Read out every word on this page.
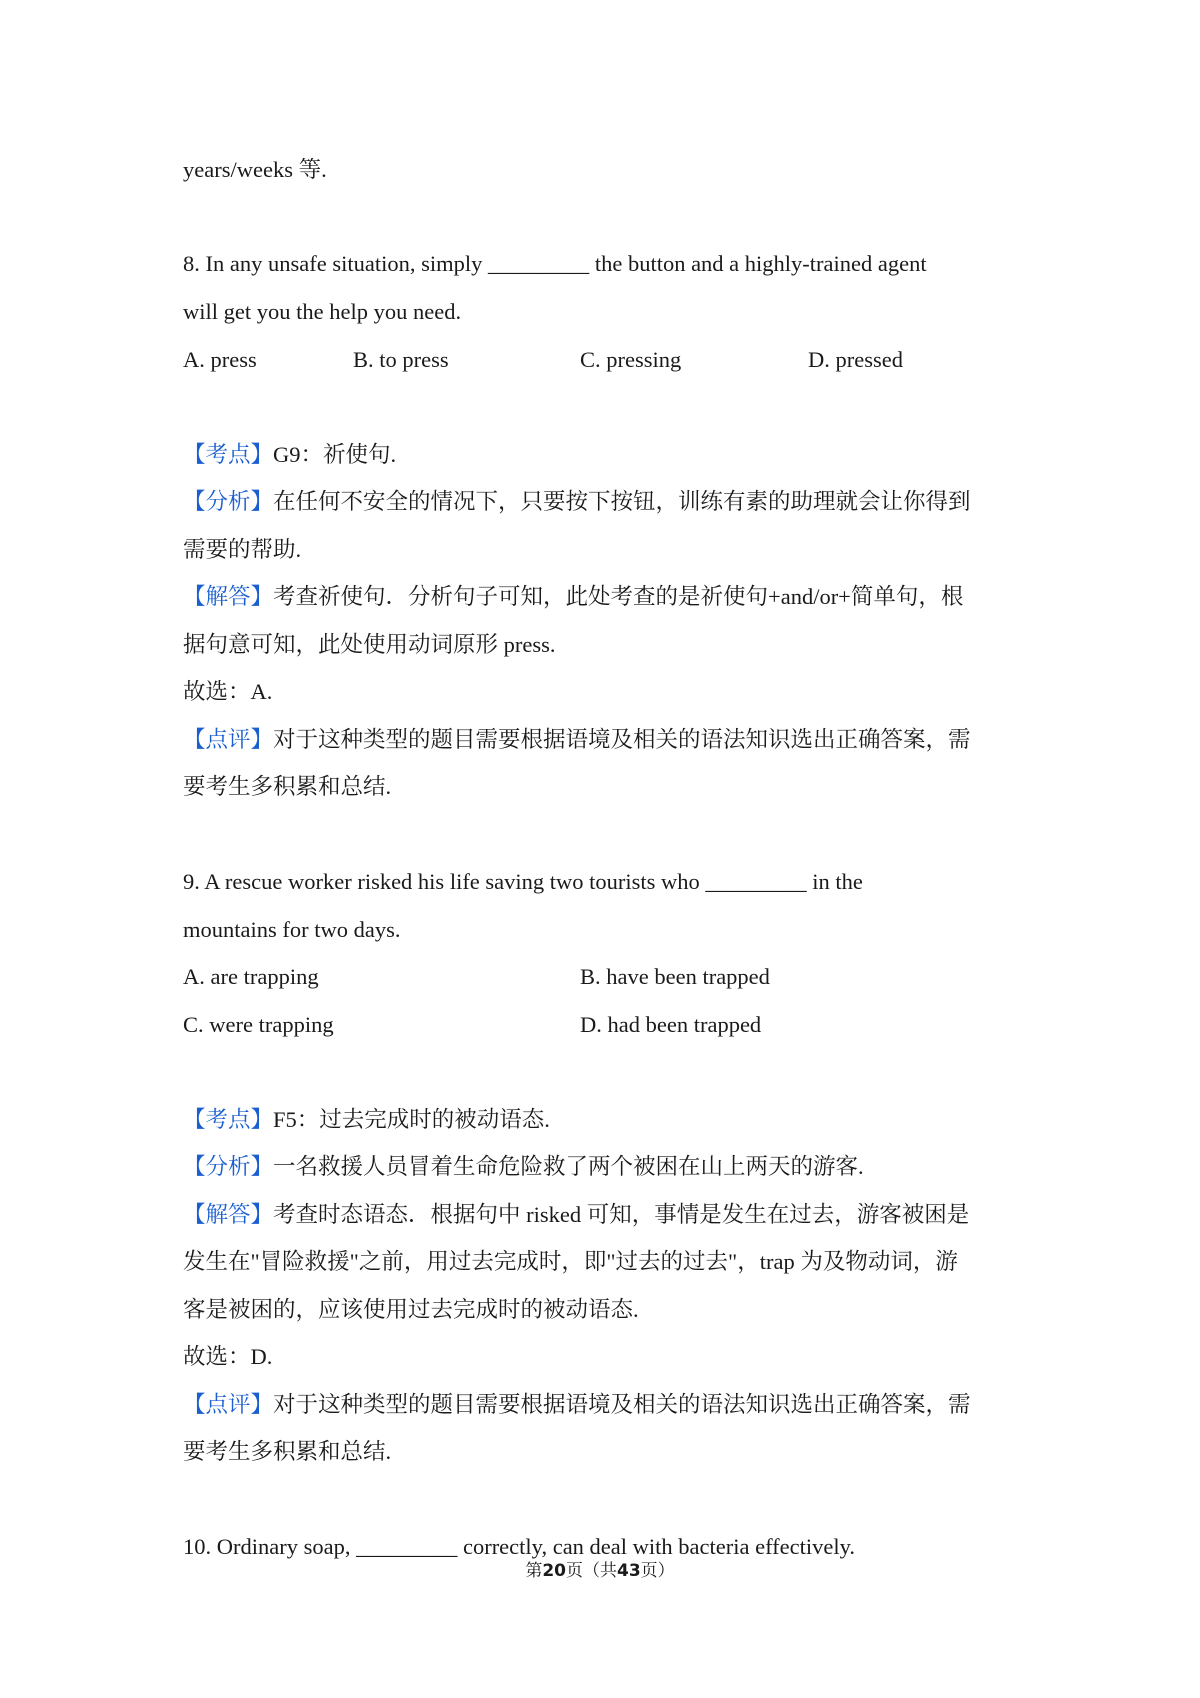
years/weeks 等.
8. In any unsafe situation, simply _________ the button and a highly-trained agent
will get you the help you need.
A. press	B. to press	C. pressing	D. pressed
【考点】G9：祈使句.
【分析】在任何不安全的情况下，只要按下按钮，训练有素的助理就会让你得到
需要的帮助.
【解答】考查祈使句．分析句子可知，此处考查的是祈使句+and/or+简单句，根
据句意可知，此处使用动词原形 press.
故选：A.
【点评】对于这种类型的题目需要根据语境及相关的语法知识选出正确答案，需
要考生多积累和总结.
9. A rescue worker risked his life saving two tourists who _________ in the
mountains for two days.
A. are trapping	B. have been trapped
C. were trapping	D. had been trapped
【考点】F5：过去完成时的被动语态.
【分析】一名救援人员冒着生命危险救了两个被困在山上两天的游客.
【解答】考查时态语态．根据句中 risked 可知，事情是发生在过去，游客被困是
发生在"冒险救援"之前，用过去完成时，即"过去的过去"，trap 为及物动词，游
客是被困的，应该使用过去完成时的被动语态.
故选：D.
【点评】对于这种类型的题目需要根据语境及相关的语法知识选出正确答案，需
要考生多积累和总结.
10. Ordinary soap, _________ correctly, can deal with bacteria effectively.
第20页（共43页）
